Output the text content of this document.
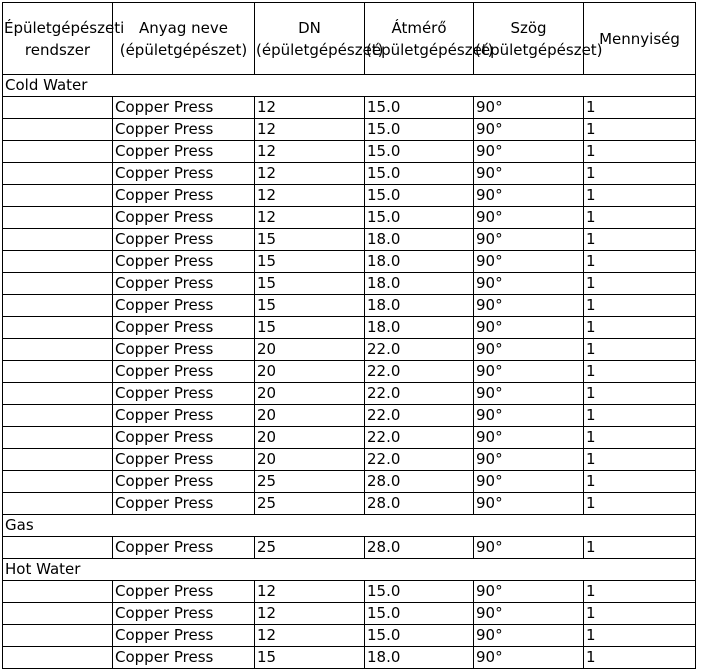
Épületgépészeti rendszer	Anyag neve (épületgépészet)	DN (épületgépészet)	Átmérő (épületgépészet)	Szög (épületgépészet)	Mennyiség
Cold Water					
	Copper Press	12	15.0	90°	1
	Copper Press	12	15.0	90°	1
	Copper Press	12	15.0	90°	1
	Copper Press	12	15.0	90°	1
	Copper Press	12	15.0	90°	1
	Copper Press	12	15.0	90°	1
	Copper Press	15	18.0	90°	1
	Copper Press	15	18.0	90°	1
	Copper Press	15	18.0	90°	1
	Copper Press	15	18.0	90°	1
	Copper Press	15	18.0	90°	1
	Copper Press	20	22.0	90°	1
	Copper Press	20	22.0	90°	1
	Copper Press	20	22.0	90°	1
	Copper Press	20	22.0	90°	1
	Copper Press	20	22.0	90°	1
	Copper Press	20	22.0	90°	1
	Copper Press	25	28.0	90°	1
	Copper Press	25	28.0	90°	1
Gas					
	Copper Press	25	28.0	90°	1
Hot Water					
	Copper Press	12	15.0	90°	1
	Copper Press	12	15.0	90°	1
	Copper Press	12	15.0	90°	1
	Copper Press	15	18.0	90°	1
